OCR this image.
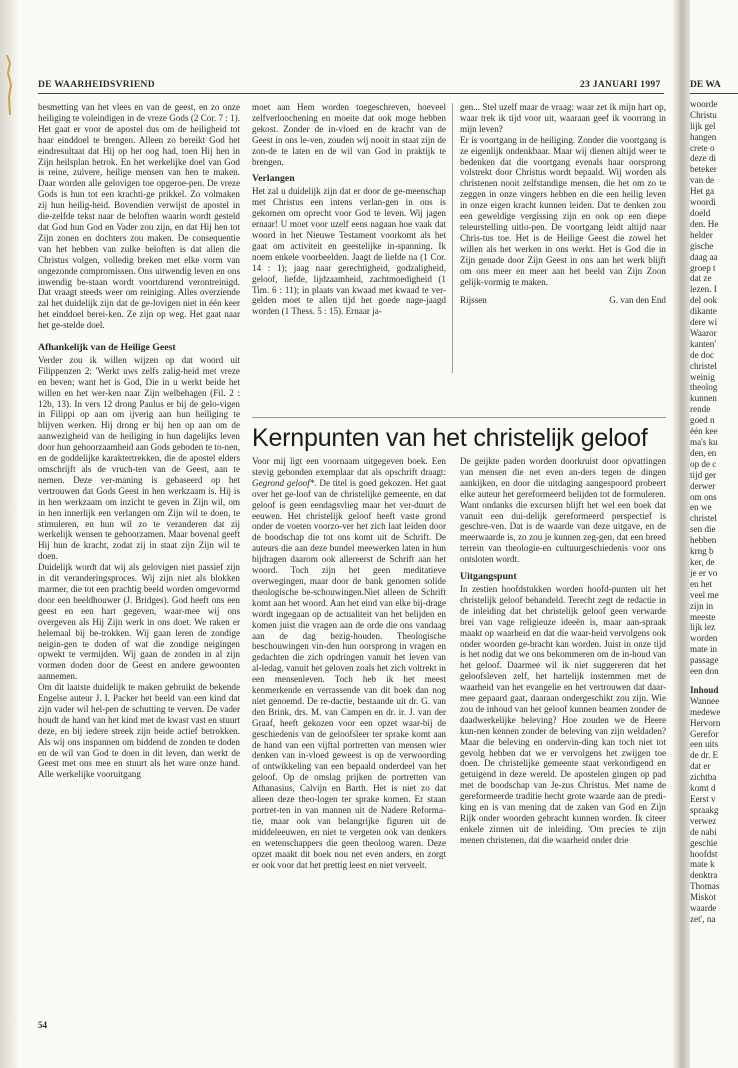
DE WAARHEIDSVRIEND	23 JANUARI 1997

besmetting van het vlees en van de geest, en zo onze heiliging te voleindigen in de vreze Gods (2 Cor. 7 : 1). Het gaat er voor de apostel dus om de heiligheid tot haar einddoel te brengen. Alleen zo bereikt God het eindresultaat dat Hij op het oog had, toen Hij hen in Zijn heilsplan betrok. En het werkelijke doel van God is reine, zuivere, heilige mensen van hen te maken. Daar worden alle gelovigen toe opgeroe-pen. De vreze Gods is hun tot een krachti-ge prikkel. Zo volmaken zij hun heilig-heid. Bovendien verwijst de apostel in die-zelfde tekst naar de beloften waarin wordt gesteld dat God hun God en Vader zou zijn, en dat Hij hen tot Zijn zonen en dochters zou maken. De consequentie van het hebben van zulke beloften is dat allen die Christus volgen, volledig breken met elke vorm van ongezonde compromissen. Ons uitwendig leven en ons inwendig be-staan wordt voortdurend verontreinigd. Dat vraagt steeds weer om reiniging. Alles overziende zal het duidelijk zijn dat de ge-lovigen niet in één keer het einddoel berei-ken. Ze zijn op weg. Het gaat naar het ge-stelde doel.

Afhankelijk van de Heilige Geest

Verder zou ik willen wijzen op dat woord uit Filippenzen 2: 'Werkt uws zelfs zalig-heid met vreze en beven; want het is God, Die in u werkt beide het willen en het wer-ken naar Zijn welbehagen (Fil. 2 : 12b, 13). In vers 12 drong Paulus er bij de gelo-vigen in Filippi op aan om ijverig aan hun heiliging te blijven werken. Hij drong er bij hen op aan om de aanwezigheid van de heiliging in hun dagelijks leven door hun gehoorzaamheid aan Gods geboden te to-nen, en de goddelijke karaktertrekken, die de apostel elders omschrijft als de vruch-ten van de Geest, aan te nemen. Deze ver-maning is gebaseerd op het vertrouwen dat Gods Geest in hen werkzaam is. Hij is in hen werkzaam om inzicht te geven in Zijn wil, om in hen innerlijk een verlangen om Zijn wil te doen, te stimuleren, en hun wil zo te veranderen dat zij werkelijk wensen te gehoorzamen. Maar bovenal geeft Hij hun de kracht, zodat zij in staat zijn Zijn wil te doen.

Duidelijk wordt dat wij als gelovigen niet passief zijn in dit veranderingsproces. Wij zijn niet als blokken marmer, die tot een prachtig beeld worden omgevormd door een beeldhouwer (J. Bridges). God heeft ons een geest en een hart gegeven, waar-mee wij ons overgeven als Hij Zijn werk in ons doet. We raken er helemaal bij be-trokken. Wij gaan leren de zondige neigin-gen te doden of wat die zondige neigingen opwekt te vermijden. Wij gaan de zonden in al zijn vormen doden door de Geest en andere gewoonten aannemen.

Om dit laatste duidelijk te maken gebruikt de bekende Engelse auteur J. I. Packer het beeld van een kind dat zijn vader wil hel-pen de schutting te verven. De vader houdt de hand van het kind met de kwast vast en stuurt deze, en bij iedere streek zijn beide actief betrokken. Als wij ons inspannen om biddend de zonden te doden en de wil van God te doen in dit leven, dan werkt de Geest met ons mee en stuurt als het ware onze hand. Alle werkelijke vooruitgang

moet aan Hem worden toegeschreven, hoeveel zelfverloochening en moeite dat ook moge hebben gekost. Zonder de in-vloed en de kracht van de Geest in ons le-ven, zouden wij nooit in staat zijn de zon-de te laten en de wil van God in praktijk te brengen.

Verlangen

Het zal u duidelijk zijn dat er door de ge-meenschap met Christus een intens verlan-gen in ons is gekomen om oprecht voor God te leven. Wij jagen ernaar! U moet voor uzelf eens nagaan hoe vaak dat woord in het Nieuwe Testament voorkomt als het gaat om activiteit en geestelijke in-spanning. Ik noem enkele voorbeelden. Jaagt de liefde na (1 Cor. 14 : 1); jaag naar gerechtigheid, godzaligheid, geloof, liefde, lijdzaamheid, zachtmoedigheid (1 Tim. 6 : 11); in plaats van kwaad met kwaad te ver-gelden moet te allen tijd het goede nage-jaagd worden (1 Thess. 5 : 15). Ernaar ja-

gen... Stel uzelf maar de vraag: waar zet ik mijn hart op, waar trek ik tijd voor uit, waaraan geef ik voorrang in mijn leven?

Er is voortgang in de heiliging. Zonder die voortgang is ze eigenlijk ondenkbaar. Maar wij dienen altijd weer te bedenken dat die voortgang evenals haar oorsprong volstrekt door Christus wordt bepaald. Wij worden als christenen nooit zelfstandige mensen, die het om zo te zeggen in onze vingers hebben en die een heilig leven in onze eigen kracht kunnen leiden. Dat te denken zou een geweldige vergissing zijn en ook op een diepe teleurstelling uitlo-pen. De voortgang leidt altijd naar Chris-tus toe. Het is de Heilige Geest die zowel het willen als het werken in ons werkt. Het is God die in Zijn genade door Zijn Geest in ons aan het werk blijft om ons meer en meer aan het beeld van Zijn Zoon gelijk-vormig te maken.

Rijssen	G. van den End
Kernpunten van het christelijk geloof

Voor mij ligt een voornaam uitgegeven boek. Een stevig gebonden exemplaar dat als opschrift draagt: Gegrond geloof*. De titel is goed gekozen. Het gaat over het ge-loof van de christelijke gemeente, en dat geloof is geen eendagsvlieg maar het ver-duurt de eeuwen. Het christelijk geloof heeft vaste grond onder de voeten voorzo-ver het zich laat leiden door de boodschap die tot ons komt uit de Schrift. De auteurs die aan deze bundel meewerken laten in hun bijdragen daarom ook allereerst de Schrift aan het woord. Toch zijn het geen meditatieve overwegingen, maar door de bank genomen solide theologische be-schouwingen.Niet alleen de Schrift komt aan het woord. Aan het eind van elke bij-drage wordt ingegaan op de actualiteit van het belijden en komen juist die vragen aan de orde die ons vandaag aan de dag bezig-houden. Theologische beschouwingen vin-den hun oorsprong in vragen en gedachten die zich opdringen vanuit het leven van al-ledag, vanuit het geloven zoals het zich voltrekt in een mensenleven. Toch heb ik het meest kenmerkende en verrassende van dit boek dan nog niet genoemd. De re-dactie, bestaande uit dr. G. van den Brink, drs. M. van Campen en dr. ir. J. van der Graaf, heeft gekozen voor een opzet waar-bij de geschiedenis van de geloofsleer ter sprake komt aan de hand van een vijftal portretten van mensen wier denken van in-vloed geweest is op de verwoording of ontwikkeling van een bepaald onderdeel van het geloof. Op de omslag prijken de portretten van Athanasius, Calvijn en Barth. Het is niet zo dat alleen deze theo-logen ter sprake komen. Er staan portret-ten in van mannen uit de Nadere Reforma-tie, maar ook van belangrijke figuren uit de middeleeuwen, en niet te vergeten ook van denkers en wetenschappers die geen theoloog waren. Deze opzet maakt dit boek nou net even anders, en zorgt er ook voor dat het prettig leest en niet verveelt.

De geijkte paden worden doorkruist door opvattingen van mensen die net even an-ders tegen de dingen aankijken, en door die uitdaging aangespoord probeert elke auteur het gereformeerd belijden tot de formuleren. Want ondanks die excursen blijft het wel een boek dat vanuit een dui-delijk gereformeerd perspectief is geschre-ven. Dat is de waarde van deze uitgave, en de meerwaarde is, zo zou je kunnen zeg-gen, dat een breed terrein van theologie-en cultuurgeschiedenis voor ons ontsloten wordt.

Uitgangspunt

In zestien hoofdstukken worden hoofd-punten uit het christelijk geloof behandeld. Terecht zegt de redactie in de inleiding dat het christelijk geloof geen verwarde brei van vage religieuze ideeën is, maar aan-spraak maakt op waarheid en dat die waar-heid vervolgens ook onder woorden ge-bracht kan worden. Juist in onze tijd is het nodig dat we ons bekommeren om de in-houd van het geloof. Daarmee wil ik niet suggereren dat het geloofsleven zelf, het hartelijk instemmen met de waarheid van het evangelie en het vertrouwen dat daar-mee gepaard gaat, daaraan ondergeschikt zou zijn. Wie zou de inhoud van het geloof kunnen beamen zonder de daadwerkelijke beleving? Hoe zouden we de Heere kun-nen kennen zonder de beleving van zijn weldaden? Maar die beleving en ondervin-ding kan toch niet tot gevolg hebben dat we er vervolgens het zwijgen toe doen. De christelijke gemeente staat verkondigend en getuigend in deze wereld. De apostelen gingen op pad met de boodschap van Je-zus Christus. Met name de gereformeerde traditie hecht grote waarde aan de predi-king en is van mening dat de zaken van God en Zijn Rijk onder woorden gebracht kunnen worden. Ik citeer enkele zinnen uit de inleiding. 'Om precies te zijn menen christenen, dat die waarheid onder drie

54
DE WA
woorde
Christu
lijk gel
hangen
crete o
deze di
beteker
van de
Het ga
woordi
doeld
den. He
helder
gische
daag aa
groep t
dat ze
lezen. I
del ook
dikante
dere wi
Waaror
kanten'
de doc
christel
weinig
theolog
kunnen
rende
goed n
één kee
ma's ku
den, en
op de c
tijd ger
derwer
om ons
en we
christel
sen die
hebben
krng b
ker, de
je er vo
en het
veel me
zijn in
meeste
lijk lez
worden
mate in
passage
een don
Inhoud
Wannee
medewe
Hervorn
Gerefor
een uits
de dr. E
dat er
zichtba
komt d
Eerst v
spraakg
verwez
de nabi
geschie
hoofdst
mate k
denktra
Thomas
Miskot
waarde
zet', na
